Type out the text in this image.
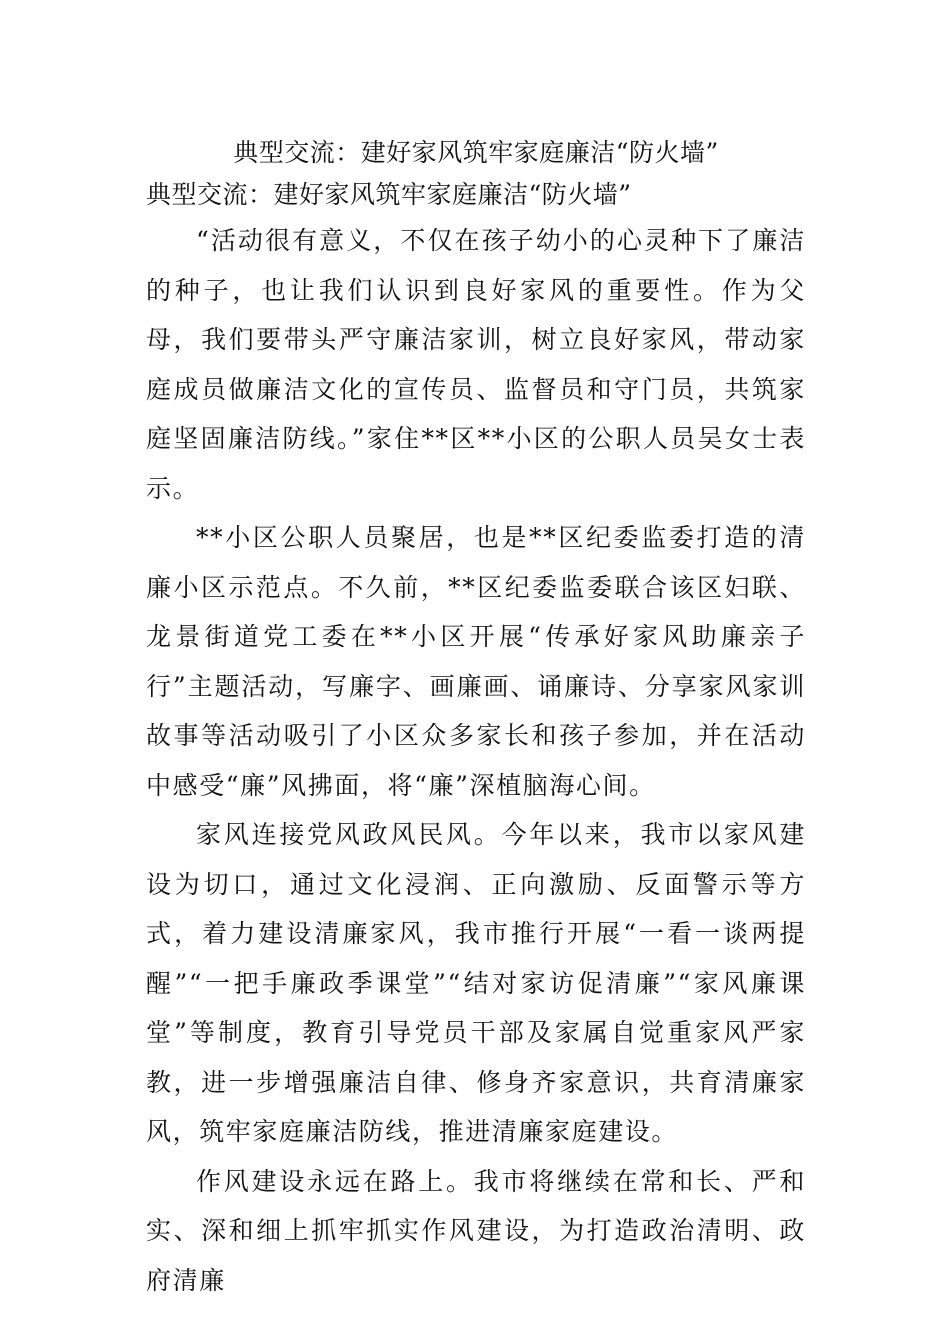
典型交流：建好家风筑牢家庭廉洁“防火墙”
典型交流：建好家风筑牢家庭廉洁“防火墙”

“活动很有意义，不仅在孩子幼小的心灵种下了廉洁的种子，也让我们认识到良好家风的重要性。作为父母，我们要带头严守廉洁家训，树立良好家风，带动家庭成员做廉洁文化的宣传员、监督员和守门员，共筑家庭坚固廉洁防线。”家住**区**小区的公职人员吴女士表示。

**小区公职人员聚居，也是**区纪委监委打造的清廉小区示范点。不久前，**区纪委监委联合该区妇联、龙景街道党工委在**小区开展“传承好家风助廉亲子行”主题活动，写廉字、画廉画、诵廉诗、分享家风家训故事等活动吸引了小区众多家长和孩子参加，并在活动中感受“廉”风拂面，将“廉”深植脑海心间。

家风连接党风政风民风。今年以来，我市以家风建设为切口，通过文化浸润、正向激励、反面警示等方式，着力建设清廉家风，我市推行开展“一看一谈两提醒”“一把手廉政季课堂”“结对家访促清廉”“家风廉课堂”等制度，教育引导党员干部及家属自觉重家风严家教，进一步增强廉洁自律、修身齐家意识，共育清廉家风，筑牢家庭廉洁防线，推进清廉家庭建设。

作风建设永远在路上。我市将继续在常和长、严和实、深和细上抓牢抓实作风建设，为打造政治清明、政府清廉
